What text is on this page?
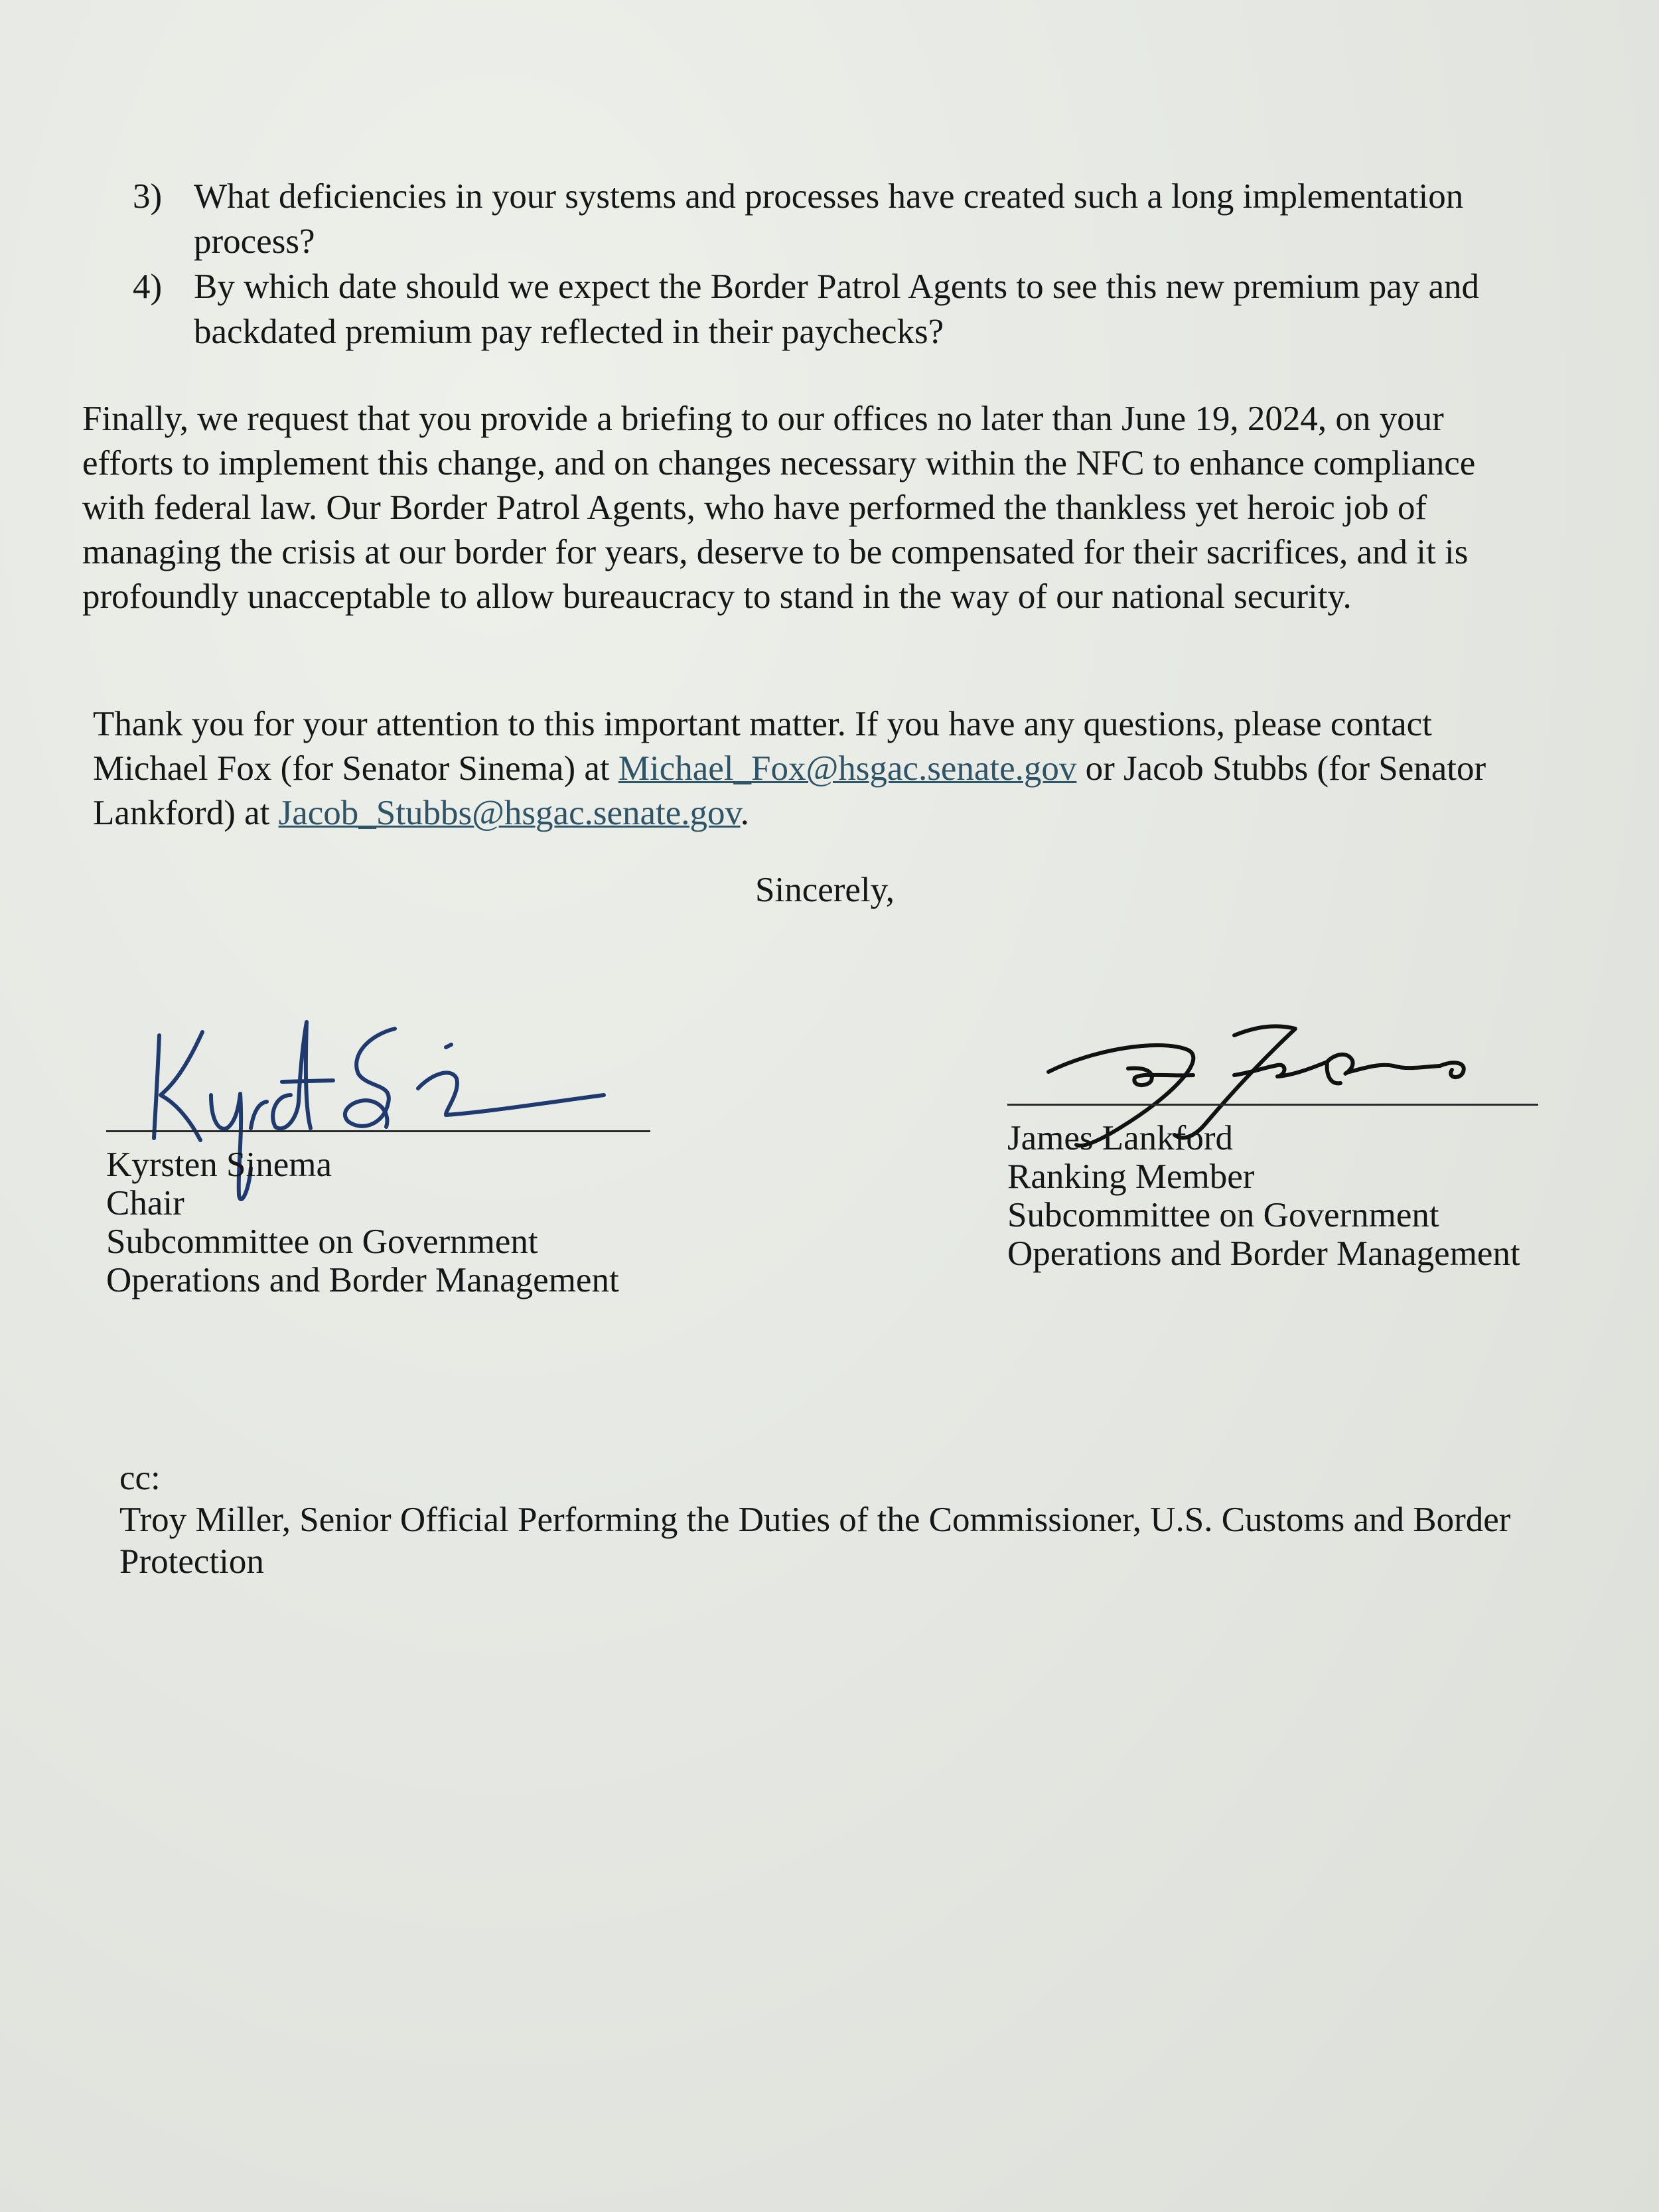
3) What deficiencies in your systems and processes have created such a long implementation process?
4) By which date should we expect the Border Patrol Agents to see this new premium pay and backdated premium pay reflected in their paychecks?
Finally, we request that you provide a briefing to our offices no later than June 19, 2024, on your efforts to implement this change, and on changes necessary within the NFC to enhance compliance with federal law. Our Border Patrol Agents, who have performed the thankless yet heroic job of managing the crisis at our border for years, deserve to be compensated for their sacrifices, and it is profoundly unacceptable to allow bureaucracy to stand in the way of our national security.
Thank you for your attention to this important matter. If you have any questions, please contact Michael Fox (for Senator Sinema) at Michael_Fox@hsgac.senate.gov or Jacob Stubbs (for Senator Lankford) at Jacob_Stubbs@hsgac.senate.gov.
Sincerely,
Kyrsten Sinema
Chair
Subcommittee on Government
Operations and Border Management
James Lankford
Ranking Member
Subcommittee on Government
Operations and Border Management
cc:
Troy Miller, Senior Official Performing the Duties of the Commissioner, U.S. Customs and Border Protection
